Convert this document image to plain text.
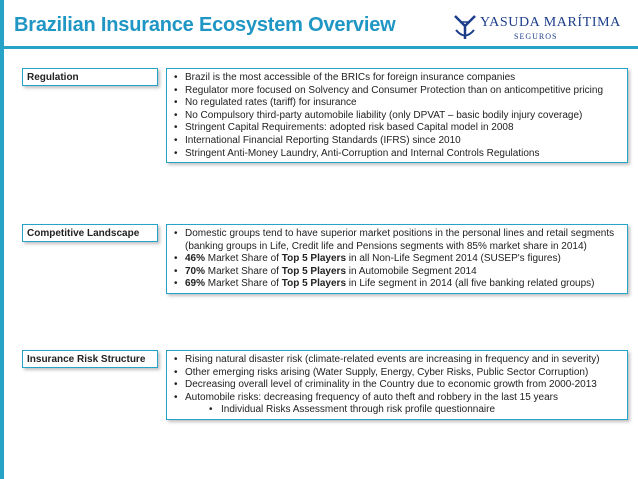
Brazilian Insurance Ecosystem Overview	YASUDA MARÍTIMA
SEGUROS
Regulation	• Brazil is the most accessible of the BRICs for foreign insurance companies
• Regulator more focused on Solvency and Consumer Protection than on anticompetitive pricing
• No regulated rates (tariff) for insurance
• No Compulsory third-party automobile liability (only DPVAT – basic bodily injury coverage)
• Stringent Capital Requirements: adopted risk based Capital model in 2008
• International Financial Reporting Standards (IFRS) since 2010
• Stringent Anti-Money Laundry, Anti-Corruption and Internal Controls Regulations
Competitive Landscape	• Domestic groups tend to have superior market positions in the personal lines and retail segments (banking groups in Life, Credit life and Pensions segments with 85% market share in 2014)
• 46% Market Share of Top 5 Players in all Non-Life Segment 2014 (SUSEP's figures)
• 70% Market Share of Top 5 Players in Automobile Segment 2014
• 69% Market Share of Top 5 Players in Life segment in 2014 (all five banking related groups)
Insurance Risk Structure	• Rising natural disaster risk (climate-related events are increasing in frequency and in severity)
• Other emerging risks arising (Water Supply, Energy, Cyber Risks, Public Sector Corruption)
• Decreasing overall level of criminality in the Country due to economic growth from 2000-2013
• Automobile risks: decreasing frequency of auto theft and robbery in the last 15 years
• Individual Risks Assessment through risk profile questionnaire
